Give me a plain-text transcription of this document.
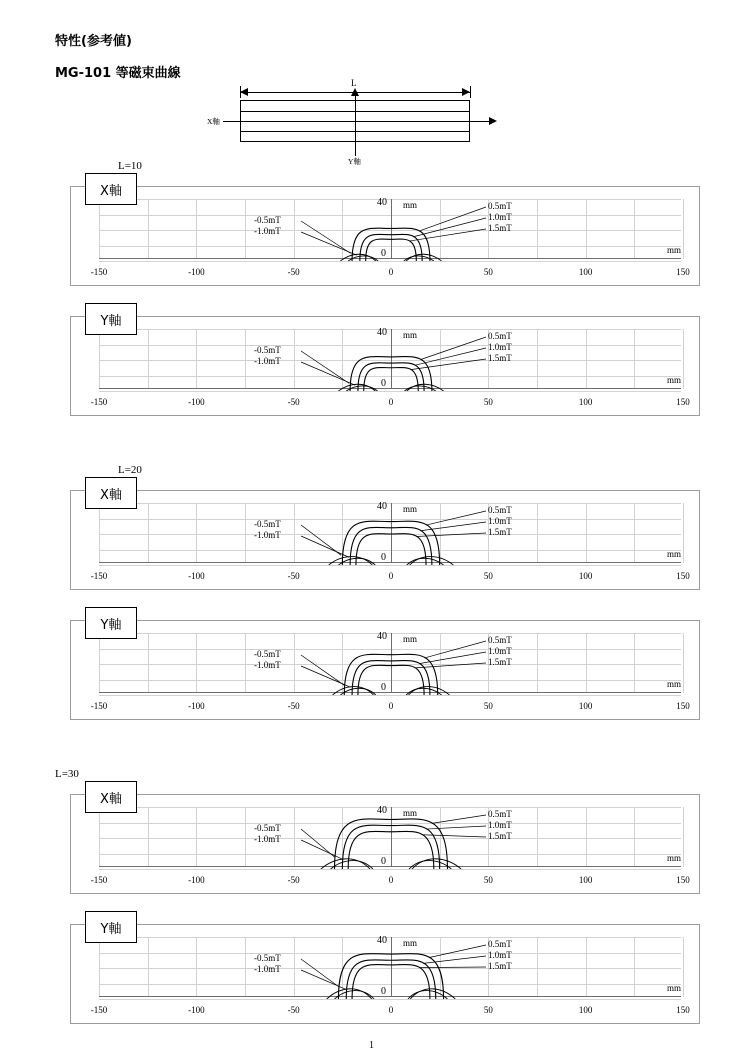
特性(参考値)
MG-101 等磁束曲線
L
X軸
Y軸
L=10
L=20
L=30
X軸
40
0
mm
mm
-150	-100	-50	0	50	100	150
0.5mT
1.0mT
1.5mT
-0.5mT
-1.0mT
Y軸
40
0
mm
mm
-150	-100	-50	0	50	100	150
0.5mT
1.0mT
1.5mT
-0.5mT
-1.0mT
X軸
40
0
mm
mm
-150	-100	-50	0	50	100	150
0.5mT
1.0mT
1.5mT
-0.5mT
-1.0mT
Y軸
40
0
mm
mm
-150	-100	-50	0	50	100	150
0.5mT
1.0mT
1.5mT
-0.5mT
-1.0mT
X軸
40
0
mm
mm
-150	-100	-50	0	50	100	150
0.5mT
1.0mT
1.5mT
-0.5mT
-1.0mT
Y軸
40
0
mm
mm
-150	-100	-50	0	50	100	150
0.5mT
1.0mT
1.5mT
-0.5mT
-1.0mT
1
